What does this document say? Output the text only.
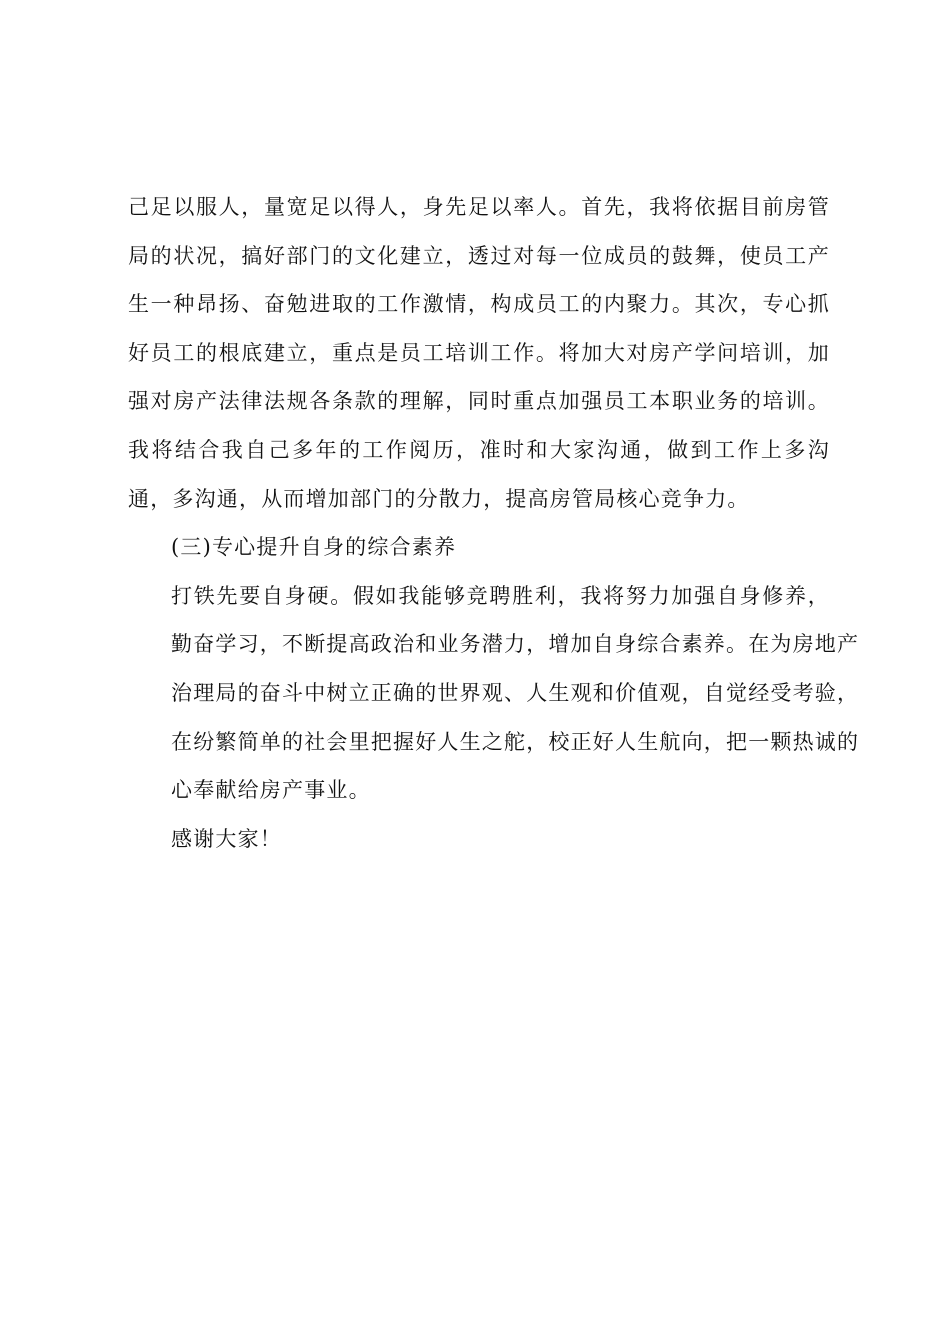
己足以服人，量宽足以得人，身先足以率人。首先，我将依据目前房管
局的状况，搞好部门的文化建立，透过对每一位成员的鼓舞，使员工产
生一种昂扬、奋勉进取的工作激情，构成员工的内聚力。其次，专心抓
好员工的根底建立，重点是员工培训工作。将加大对房产学问培训，加
强对房产法律法规各条款的理解，同时重点加强员工本职业务的培训。
我将结合我自己多年的工作阅历，准时和大家沟通，做到工作上多沟
通，多沟通，从而增加部门的分散力，提高房管局核心竞争力。

(三)专心提升自身的综合素养

打铁先要自身硬。假如我能够竞聘胜利，我将努力加强自身修养，
勤奋学习，不断提高政治和业务潜力，增加自身综合素养。在为房地产
治理局的奋斗中树立正确的世界观、人生观和价值观，自觉经受考验，
在纷繁简单的社会里把握好人生之舵，校正好人生航向，把一颗热诚的
心奉献给房产事业。

感谢大家！
